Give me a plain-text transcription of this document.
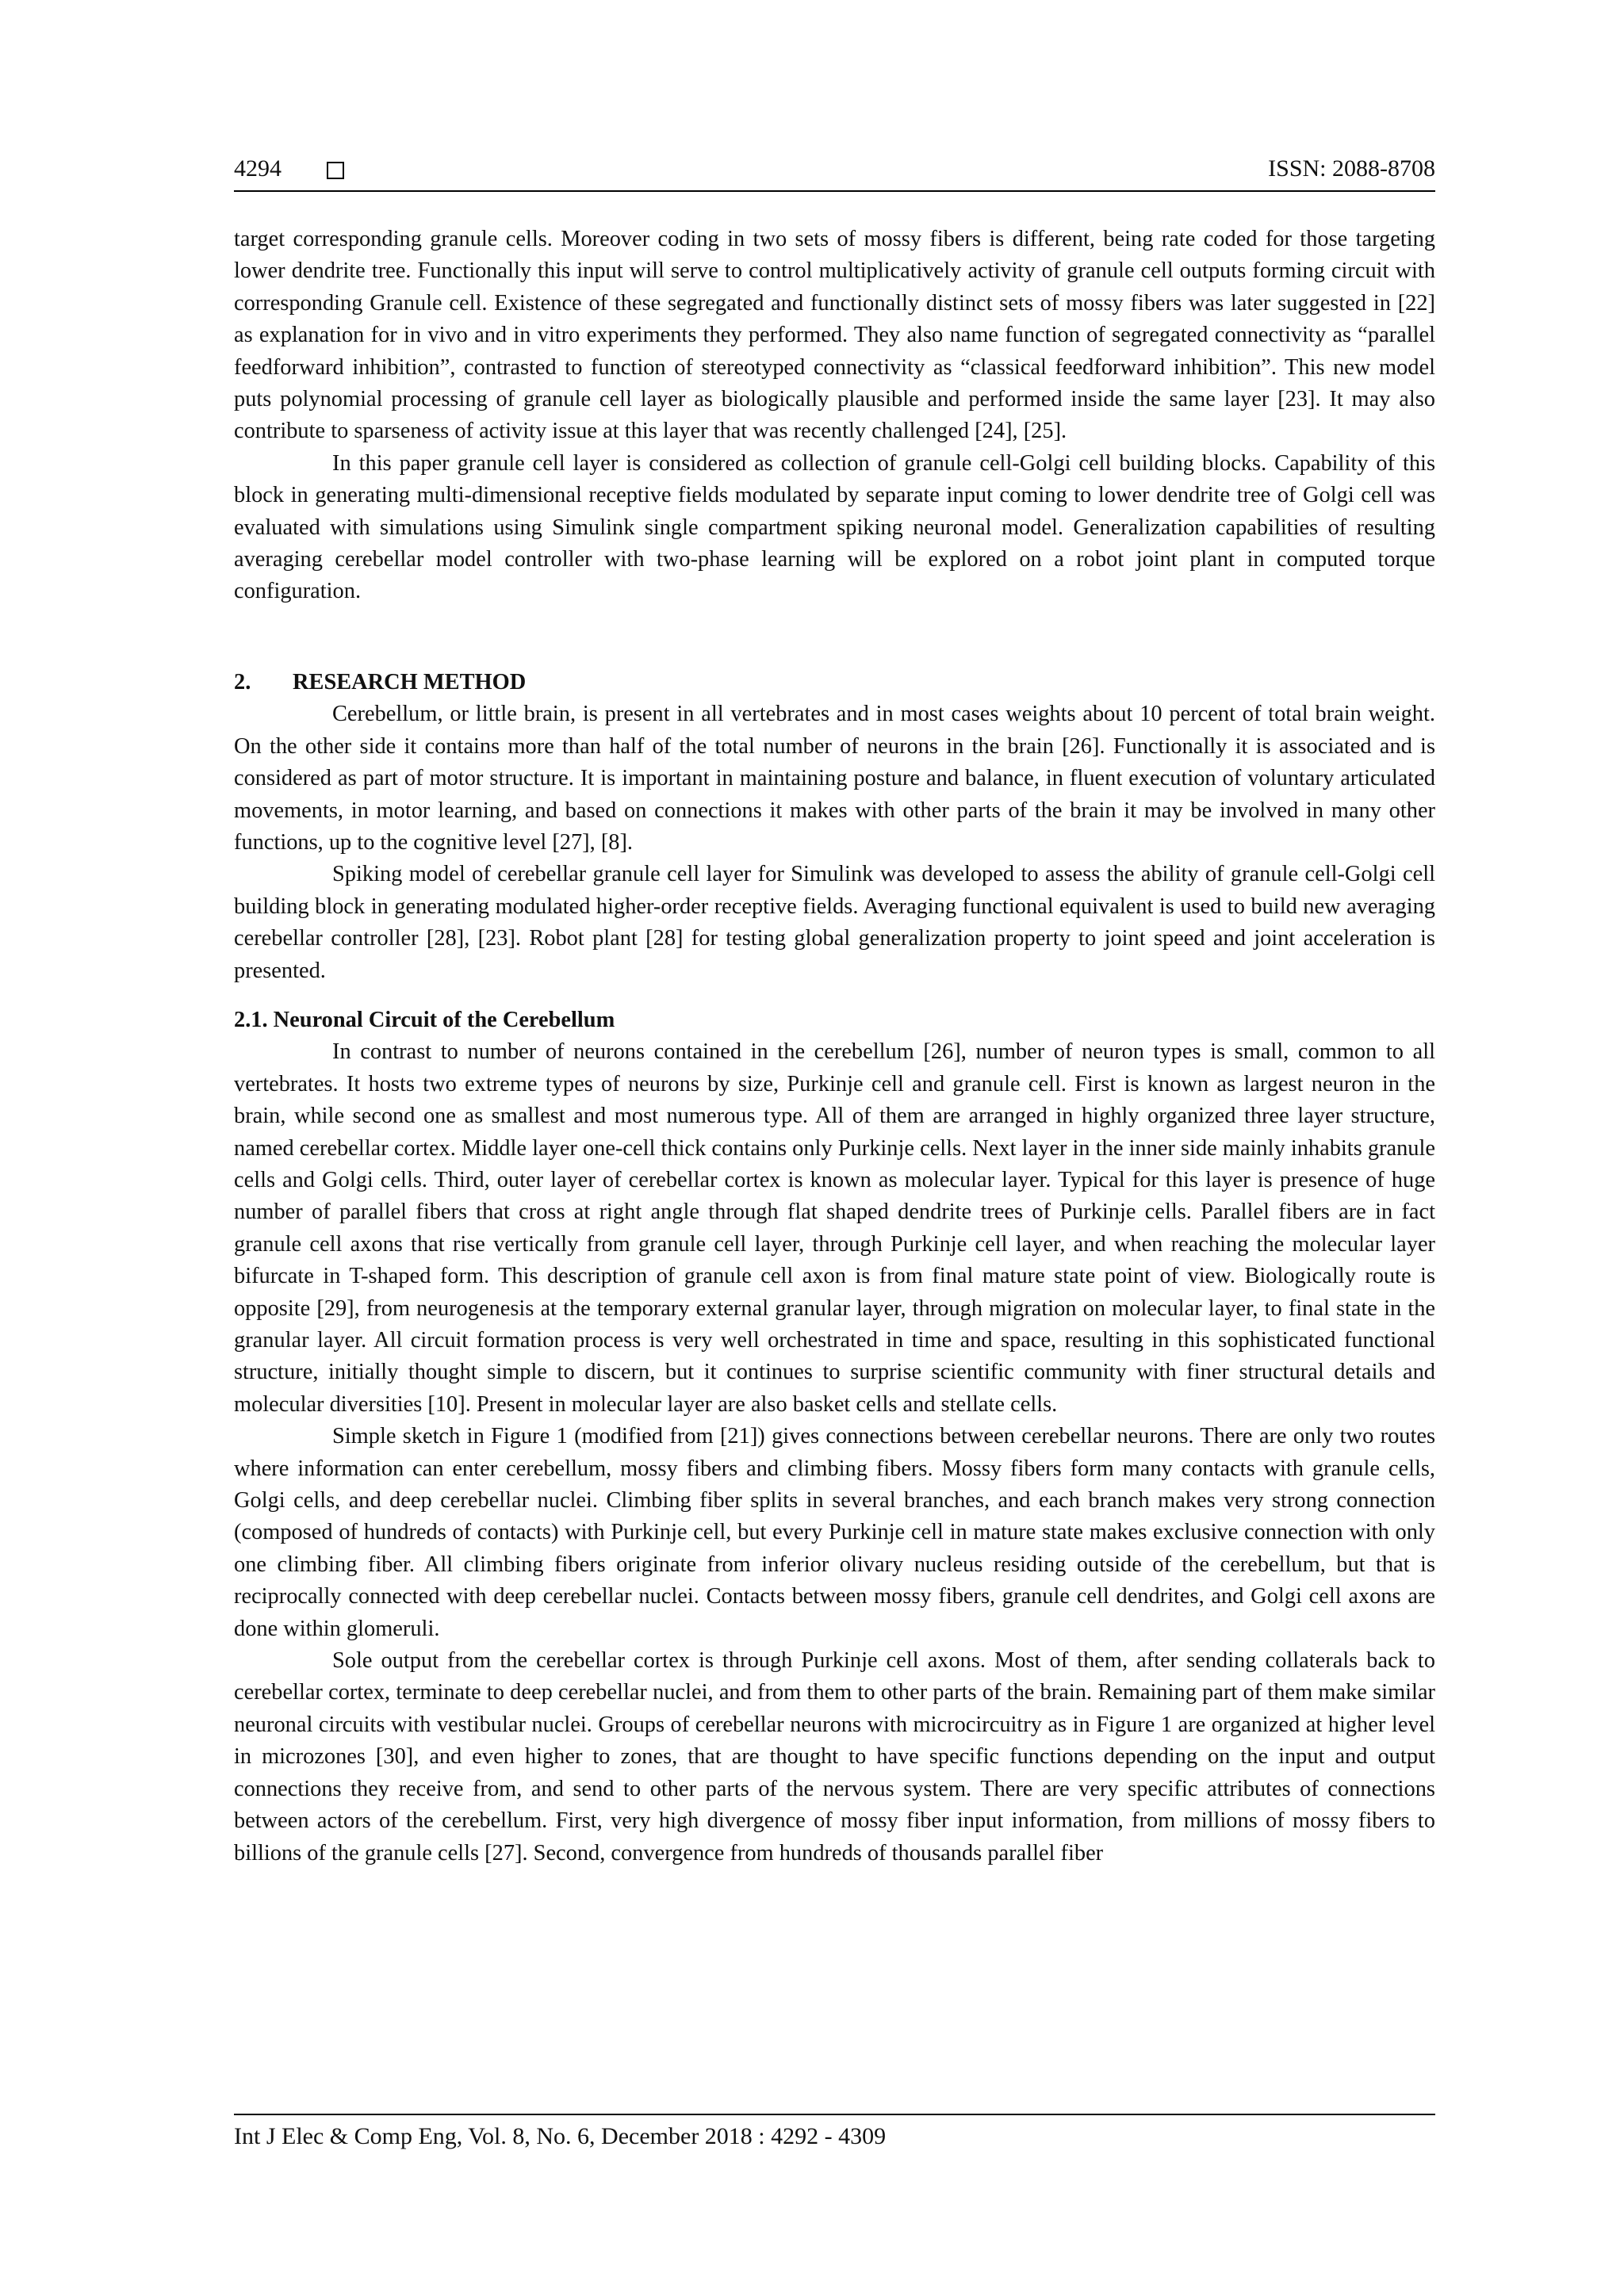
4294	ISSN: 2088-8708

target corresponding granule cells. Moreover coding in two sets of mossy fibers is different, being rate coded for those targeting lower dendrite tree. Functionally this input will serve to control multiplicatively activity of granule cell outputs forming circuit with corresponding Granule cell. Existence of these segregated and functionally distinct sets of mossy fibers was later suggested in [22] as explanation for in vivo and in vitro experiments they performed. They also name function of segregated connectivity as “parallel feedforward inhibition”, contrasted to function of stereotyped connectivity as “classical feedforward inhibition”. This new model puts polynomial processing of granule cell layer as biologically plausible and performed inside the same layer [23]. It may also contribute to sparseness of activity issue at this layer that was recently challenged [24], [25].

In this paper granule cell layer is considered as collection of granule cell-Golgi cell building blocks. Capability of this block in generating multi-dimensional receptive fields modulated by separate input coming to lower dendrite tree of Golgi cell was evaluated with simulations using Simulink single compartment spiking neuronal model. Generalization capabilities of resulting averaging cerebellar model controller with two-phase learning will be explored on a robot joint plant in computed torque configuration.

2. RESEARCH METHOD

Cerebellum, or little brain, is present in all vertebrates and in most cases weights about 10 percent of total brain weight. On the other side it contains more than half of the total number of neurons in the brain [26]. Functionally it is associated and is considered as part of motor structure. It is important in maintaining posture and balance, in fluent execution of voluntary articulated movements, in motor learning, and based on connections it makes with other parts of the brain it may be involved in many other functions, up to the cognitive level [27], [8].

Spiking model of cerebellar granule cell layer for Simulink was developed to assess the ability of granule cell-Golgi cell building block in generating modulated higher-order receptive fields. Averaging functional equivalent is used to build new averaging cerebellar controller [28], [23]. Robot plant [28] for testing global generalization property to joint speed and joint acceleration is presented.

2.1. Neuronal Circuit of the Cerebellum

In contrast to number of neurons contained in the cerebellum [26], number of neuron types is small, common to all vertebrates. It hosts two extreme types of neurons by size, Purkinje cell and granule cell. First is known as largest neuron in the brain, while second one as smallest and most numerous type. All of them are arranged in highly organized three layer structure, named cerebellar cortex. Middle layer one-cell thick contains only Purkinje cells. Next layer in the inner side mainly inhabits granule cells and Golgi cells. Third, outer layer of cerebellar cortex is known as molecular layer. Typical for this layer is presence of huge number of parallel fibers that cross at right angle through flat shaped dendrite trees of Purkinje cells. Parallel fibers are in fact granule cell axons that rise vertically from granule cell layer, through Purkinje cell layer, and when reaching the molecular layer bifurcate in T-shaped form. This description of granule cell axon is from final mature state point of view. Biologically route is opposite [29], from neurogenesis at the temporary external granular layer, through migration on molecular layer, to final state in the granular layer. All circuit formation process is very well orchestrated in time and space, resulting in this sophisticated functional structure, initially thought simple to discern, but it continues to surprise scientific community with finer structural details and molecular diversities [10]. Present in molecular layer are also basket cells and stellate cells.

Simple sketch in Figure 1 (modified from [21]) gives connections between cerebellar neurons. There are only two routes where information can enter cerebellum, mossy fibers and climbing fibers. Mossy fibers form many contacts with granule cells, Golgi cells, and deep cerebellar nuclei. Climbing fiber splits in several branches, and each branch makes very strong connection (composed of hundreds of contacts) with Purkinje cell, but every Purkinje cell in mature state makes exclusive connection with only one climbing fiber. All climbing fibers originate from inferior olivary nucleus residing outside of the cerebellum, but that is reciprocally connected with deep cerebellar nuclei. Contacts between mossy fibers, granule cell dendrites, and Golgi cell axons are done within glomeruli.

Sole output from the cerebellar cortex is through Purkinje cell axons. Most of them, after sending collaterals back to cerebellar cortex, terminate to deep cerebellar nuclei, and from them to other parts of the brain. Remaining part of them make similar neuronal circuits with vestibular nuclei. Groups of cerebellar neurons with microcircuitry as in Figure 1 are organized at higher level in microzones [30], and even higher to zones, that are thought to have specific functions depending on the input and output connections they receive from, and send to other parts of the nervous system. There are very specific attributes of connections between actors of the cerebellum. First, very high divergence of mossy fiber input information, from millions of mossy fibers to billions of the granule cells [27]. Second, convergence from hundreds of thousands parallel fiber

Int J Elec & Comp Eng, Vol. 8, No. 6, December 2018 : 4292 - 4309
